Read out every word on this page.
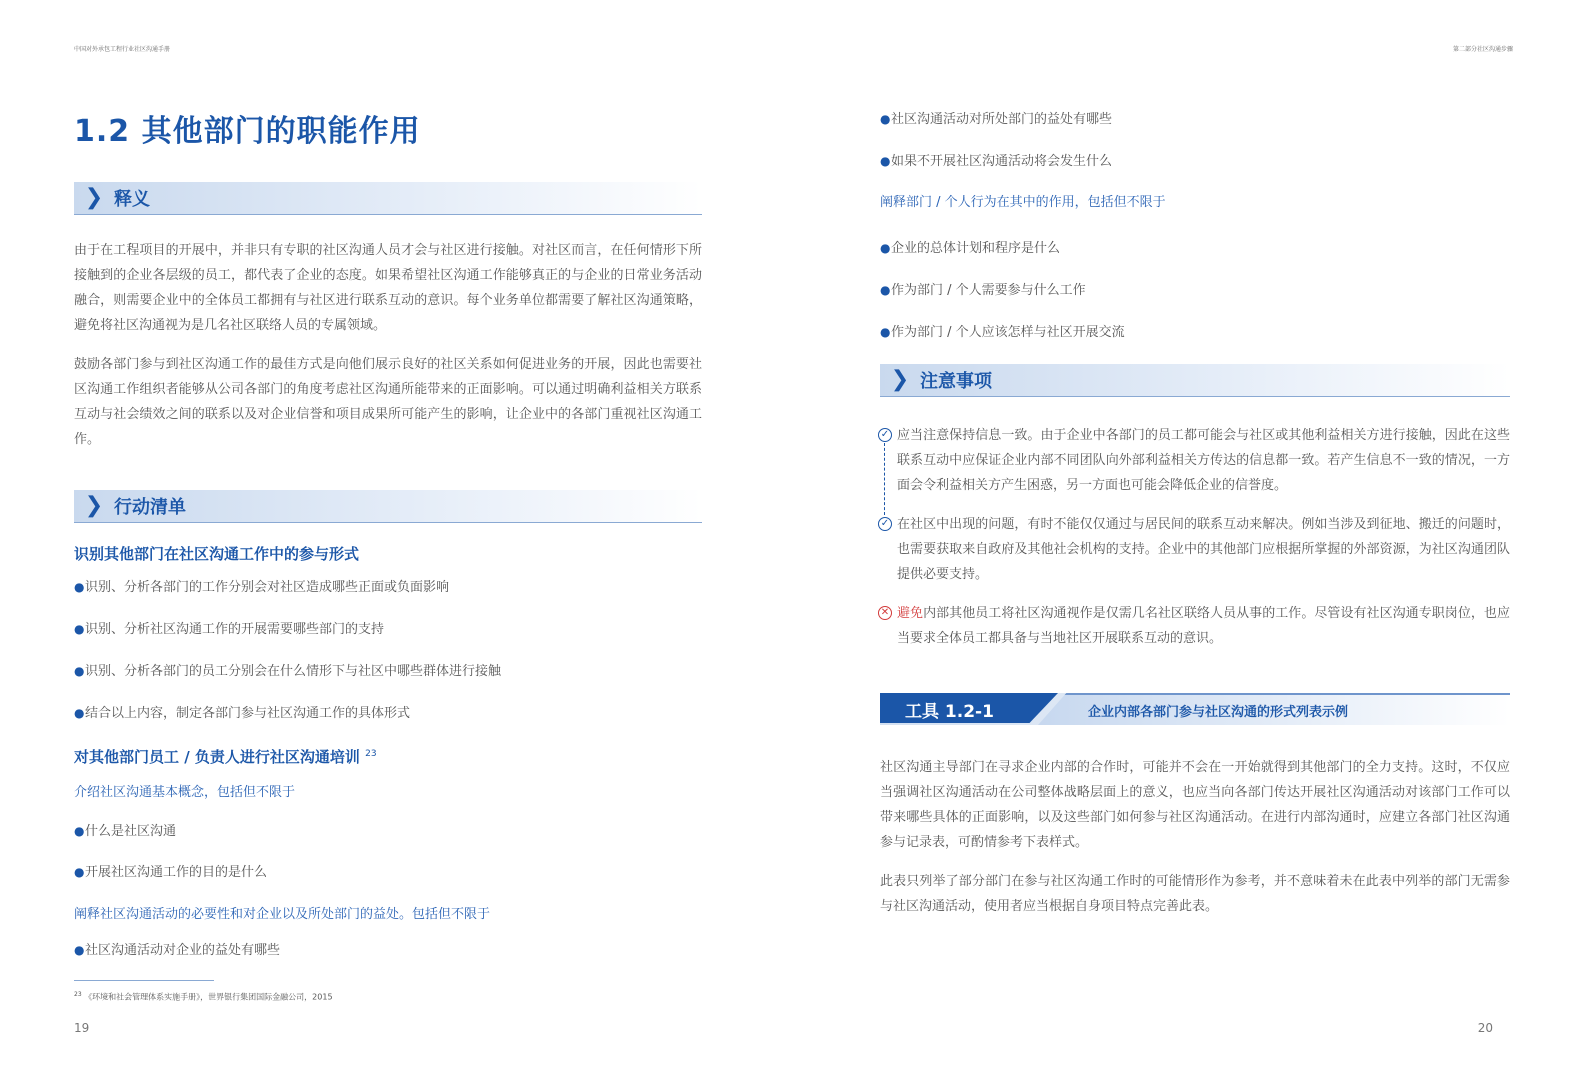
中国对外承包工程行业社区沟通手册	第二部分社区沟通步骤
1.2 其他部门的职能作用
❯ 释义

由于在工程项目的开展中，并非只有专职的社区沟通人员才会与社区进行接触。对社区而言，在任何情形下所接触到的企业各层级的员工，都代表了企业的态度。如果希望社区沟通工作能够真正的与企业的日常业务活动融合，则需要企业中的全体员工都拥有与社区进行联系互动的意识。每个业务单位都需要了解社区沟通策略，避免将社区沟通视为是几名社区联络人员的专属领域。

鼓励各部门参与到社区沟通工作的最佳方式是向他们展示良好的社区关系如何促进业务的开展，因此也需要社区沟通工作组织者能够从公司各部门的角度考虑社区沟通所能带来的正面影响。可以通过明确利益相关方联系互动与社会绩效之间的联系以及对企业信誉和项目成果所可能产生的影响，让企业中的各部门重视社区沟通工作。

❯ 行动清单
识别其他部门在社区沟通工作中的参与形式
● 识别、分析各部门的工作分别会对社区造成哪些正面或负面影响
● 识别、分析社区沟通工作的开展需要哪些部门的支持
● 识别、分析各部门的员工分别会在什么情形下与社区中哪些群体进行接触
● 结合以上内容，制定各部门参与社区沟通工作的具体形式
对其他部门员工 / 负责人进行社区沟通培训 $^{23}$
介绍社区沟通基本概念，包括但不限于
● 什么是社区沟通
● 开展社区沟通工作的目的是什么
阐释社区沟通活动的必要性和对企业以及所处部门的益处。包括但不限于
● 社区沟通活动对企业的益处有哪些
$^{23}$ 《环境和社会管理体系实施手册》，世界银行集团国际金融公司，2015
19
● 社区沟通活动对所处部门的益处有哪些
● 如果不开展社区沟通活动将会发生什么
阐释部门 / 个人行为在其中的作用，包括但不限于
● 企业的总体计划和程序是什么
● 作为部门 / 个人需要参与什么工作
● 作为部门 / 个人应该怎样与社区开展交流
❯ 注意事项
✓ 应当注意保持信息一致。由于企业中各部门的员工都可能会与社区或其他利益相关方进行接触，因此在这些联系互动中应保证企业内部不同团队向外部利益相关方传达的信息都一致。若产生信息不一致的情况，一方面会令利益相关方产生困惑，另一方面也可能会降低企业的信誉度。
✓ 在社区中出现的问题，有时不能仅仅通过与居民间的联系互动来解决。例如当涉及到征地、搬迁的问题时，也需要获取来自政府及其他社会机构的支持。企业中的其他部门应根据所掌握的外部资源，为社区沟通团队提供必要支持。
✕ 避免内部其他员工将社区沟通视作是仅需几名社区联络人员从事的工作。尽管设有社区沟通专职岗位，也应当要求全体员工都具备与当地社区开展联系互动的意识。
工具 1.2-1	企业内部各部门参与社区沟通的形式列表示例

社区沟通主导部门在寻求企业内部的合作时，可能并不会在一开始就得到其他部门的全力支持。这时，不仅应当强调社区沟通活动在公司整体战略层面上的意义，也应当向各部门传达开展社区沟通活动对该部门工作可以带来哪些具体的正面影响，以及这些部门如何参与社区沟通活动。在进行内部沟通时，应建立各部门社区沟通参与记录表，可酌情参考下表样式。

此表只列举了部分部门在参与社区沟通工作时的可能情形作为参考，并不意味着未在此表中列举的部门无需参与社区沟通活动，使用者应当根据自身项目特点完善此表。

20
